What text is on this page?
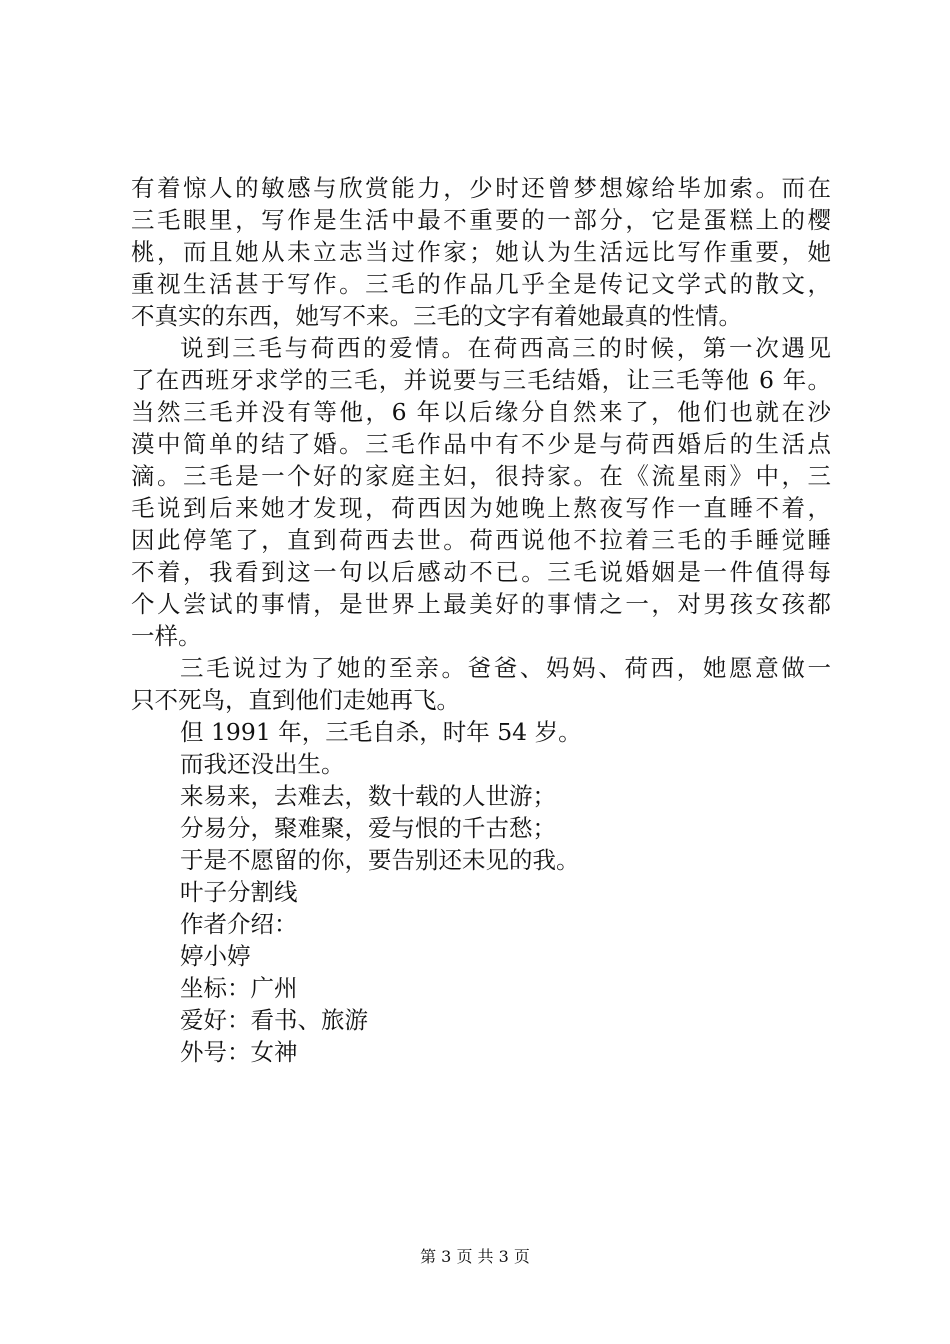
有着惊人的敏感与欣赏能力，少时还曾梦想嫁给毕加索。而在
三毛眼里，写作是生活中最不重要的一部分，它是蛋糕上的樱
桃，而且她从未立志当过作家；她认为生活远比写作重要，她
重视生活甚于写作。三毛的作品几乎全是传记文学式的散文，
不真实的东西，她写不来。三毛的文字有着她最真的性情。
说到三毛与荷西的爱情。在荷西高三的时候，第一次遇见
了在西班牙求学的三毛，并说要与三毛结婚，让三毛等他 6 年。
当然三毛并没有等他，6 年以后缘分自然来了，他们也就在沙
漠中简单的结了婚。三毛作品中有不少是与荷西婚后的生活点
滴。三毛是一个好的家庭主妇，很持家。在《流星雨》中，三
毛说到后来她才发现，荷西因为她晚上熬夜写作一直睡不着，
因此停笔了，直到荷西去世。荷西说他不拉着三毛的手睡觉睡
不着，我看到这一句以后感动不已。三毛说婚姻是一件值得每
个人尝试的事情，是世界上最美好的事情之一，对男孩女孩都
一样。
三毛说过为了她的至亲。爸爸、妈妈、荷西，她愿意做一
只不死鸟，直到他们走她再飞。
但 1991 年，三毛自杀，时年 54 岁。
而我还没出生。
来易来，去难去，数十载的人世游；
分易分，聚难聚，爱与恨的千古愁；
于是不愿留的你，要告别还未见的我。
叶子分割线
作者介绍：
婷小婷
坐标：广州
爱好：看书、旅游
外号：女神
第 3 页 共 3 页
